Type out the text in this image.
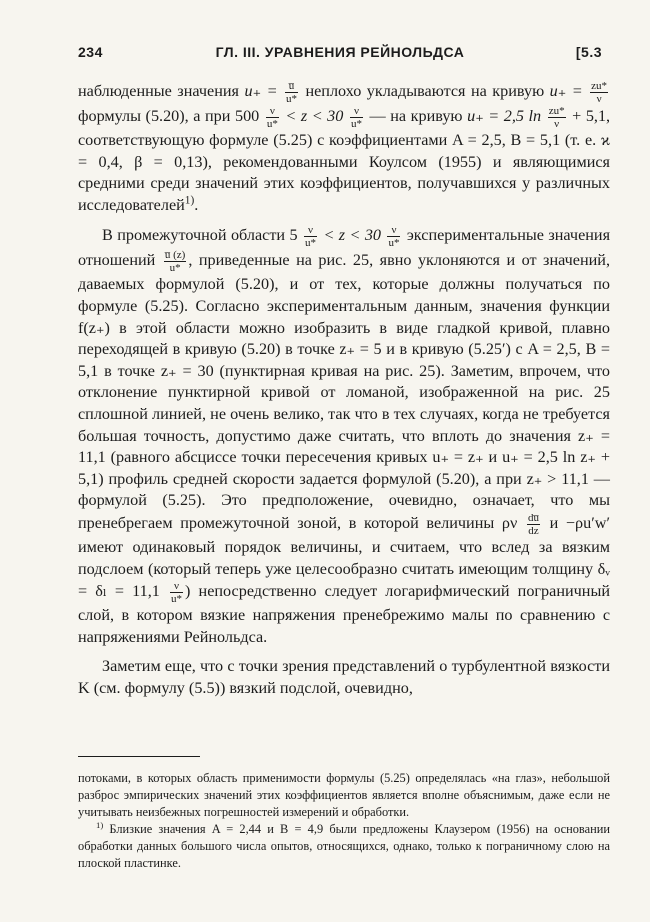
234	ГЛ. III. УРАВНЕНИЯ РЕЙНОЛЬДСА	[5.3

наблюденные значения $u_+ = \frac{u̅}{u*}$ неплохо укладываются на кривую $u_+ = \frac{zu*}{\nu}$
формулы (5.20), а при $500 \frac{\nu}{u*} < z < 30 \frac{\nu}{u*}$ — на кривую u₊ = 2,5 $\ln \frac{zu*}{\nu} + 5,1$, соответствующую формуле (5.25) с коэффициентами A = 2,5, B = 5,1 (т. е. ϰ = 0,4, β = 0,13), рекомендованными Коулсом (1955) и являющимися средними среди значений этих коэффициентов, получавшихся у различных исследователей$^{1)}$.

В промежуточной области $5 \frac{\nu}{u*} < z < 30 \frac{\nu}{u*}$ экспериментальные значения отношений $\frac{u̅ (z)}{u*}$ , приведенные на рис. 25, явно уклоняются и от значений, даваемых формулой (5.20), и от тех, которые должны получаться по формуле (5.25). Согласно экспериментальным данным, значения функции f(z₊) в этой области можно изобразить в виде гладкой кривой, плавно переходящей в кривую (5.20) в точке z₊ = 5 и в кривую (5.25′) с A = 2,5, B = 5,1 в точке z₊ = 30 (пунктирная кривая на рис. 25). Заметим, впрочем, что отклонение пунктирной кривой от ломаной, изображенной на рис. 25 сплошной линией, не очень велико, так что в тех случаях, когда не требуется большая точность, допустимо даже считать, что вплоть до значения z₊ = 11,1 (равного абсциссе точки пересечения кривых u₊ = z₊ и u₊ = 2,5 ln z₊ + 5,1) профиль средней скорости задается формулой (5.20), а при z₊ > 11,1 — формулой (5.25). Это предположение, очевидно, означает, что мы пренебрегаем промежуточной зоной, в которой величины ρν $\frac{du̅}{dz}$ и −ρu′w′ имеют одинаковый порядок величины, и считаем, что вслед за вязким подслоем (который теперь уже целесообразно считать имеющим толщину δᵥ = $\delta_l = 11,1 \frac{\nu}{u*}$ ) непосредственно следует логарифмический пограничный слой, в котором вязкие напряжения пренебрежимо малы по сравнению с напряжениями Рейнольдса.

Заметим еще, что с точки зрения представлений о турбулентной вязкости K (см. формулу (5.5)) вязкий подслой, очевидно,

потоками, в которых область применимости формулы (5.25) определялась «на глаз», небольшой разброс эмпирических значений этих коэффициентов является вполне объяснимым, даже если не учитывать неизбежных погрешностей измерений и обработки.

$^{1)}$ Близкие значения A = 2,44 и B = 4,9 были предложены Клаузером (1956) на основании обработки данных большого числа опытов, относящихся, однако, только к пограничному слою на плоской пластинке.
